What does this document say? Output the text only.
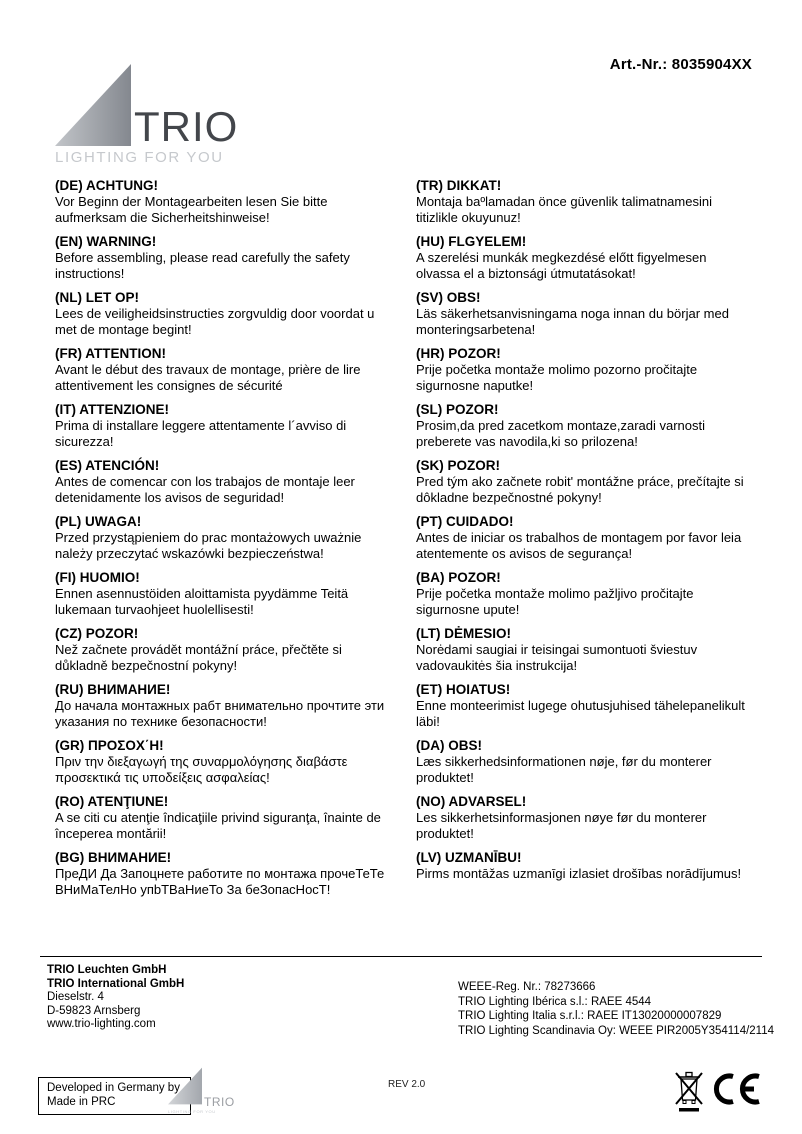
Art.-Nr.: 8035904XX
TRIO
LIGHTING FOR YOU
(DE) ACHTUNG!
Vor Beginn der Montagearbeiten lesen Sie bitte aufmerksam die Sicherheitshinweise!
(EN) WARNING!
Before assembling, please read carefully the safety instructions!
(NL) LET OP!
Lees de veiligheidsinstructies zorgvuldig door voordat u met de montage begint!
(FR) ATTENTION!
Avant le début des travaux de montage, prière de lire attentivement les consignes de sécurité
(IT) ATTENZIONE!
Prima di installare leggere attentamente l´avviso di sicurezza!
(ES) ATENCIÓN!
Antes de comencar con los trabajos de montaje leer detenidamente los avisos de seguridad!
(PL) UWAGA!
Przed przystąpieniem do prac montażowych uważnie należy przeczytać wskazówki bezpieczeństwa!
(FI) HUOMIO!
Ennen asennustöiden aloittamista pyydämme Teitä lukemaan turvaohjeet huolellisesti!
(CZ) POZOR!
Než začnete provádět montážní práce, přečtěte si důkladně bezpečnostní pokyny!
(RU) ВНИМАНИЕ!
До начала монтажных рабт внимательно прочтите эти указания по технике безопасности!
(GR) ΠΡΟΣΟΧ΄Η!
Πριν την διεξαγωγή της συναρμολόγησης διαβάστε προσεκτικά τις υποδείξεις ασφαλείας!
(RO) ATENŢIUNE!
A se citi cu atenţie îndicaţiile privind siguranţa, înainte de începerea montării!
(BG) ВНИМАНИЕ!
ПреДИ Да Запоцнете работите по монтажа прочеТеТе ВНиМаТелНо упbТВаНиеТо За беЗопасНосТ!
(TR) DIKKAT!
Montaja baºlamadan önce güvenlik talimatnamesini titizlikle okuyunuz!
(HU) FLGYELEM!
A szerelési munkák megkezdésé előtt figyelmesen olvassa el a biztonsági útmutatásokat!
(SV) OBS!
Läs säkerhetsanvisningama noga innan du börjar med monteringsarbetena!
(HR) POZOR!
Prije početka montaže molimo pozorno pročitajte sigurnosne naputke!
(SL) POZOR!
Prosim,da pred zacetkom montaze,zaradi varnosti preberete vas navodila,ki so prilozena!
(SK) POZOR!
Pred tým ako začnete robit' montážne práce, prečítajte si dôkladne bezpečnostné pokyny!
(PT) CUIDADO!
Antes de iniciar os trabalhos de montagem por favor leia atentemente os avisos de segurança!
(BA) POZOR!
Prije početka montaže molimo pažljivo pročitajte sigurnosne upute!
(LT) DĖMESIO!
Norėdami saugiai ir teisingai sumontuoti šviestuv vadovaukitės šia instrukcija!
(ET) HOIATUS!
Enne monteerimist lugege ohutusjuhised tähelepanelikult läbi!
(DA) OBS!
Læs sikkerhedsinformationen nøje, før du monterer produktet!
(NO) ADVARSEL!
Les sikkerhetsinformasjonen nøye før du monterer produktet!
(LV) UZMANĪBU!
Pirms montāžas uzmanīgi izlasiet drošības norādījumus!
TRIO Leuchten GmbH
TRIO International GmbH
Dieselstr. 4
D-59823 Arnsberg
www.trio-lighting.com
WEEE-Reg. Nr.: 78273666
TRIO Lighting Ibérica s.l.: RAEE 4544
TRIO Lighting Italia s.r.l.: RAEE IT13020000007829
TRIO Lighting Scandinavia Oy: WEEE PIR2005Y354114/2114
Developed in Germany by
Made in PRC	TRIO
LIGHTING FOR YOU
REV 2.0
